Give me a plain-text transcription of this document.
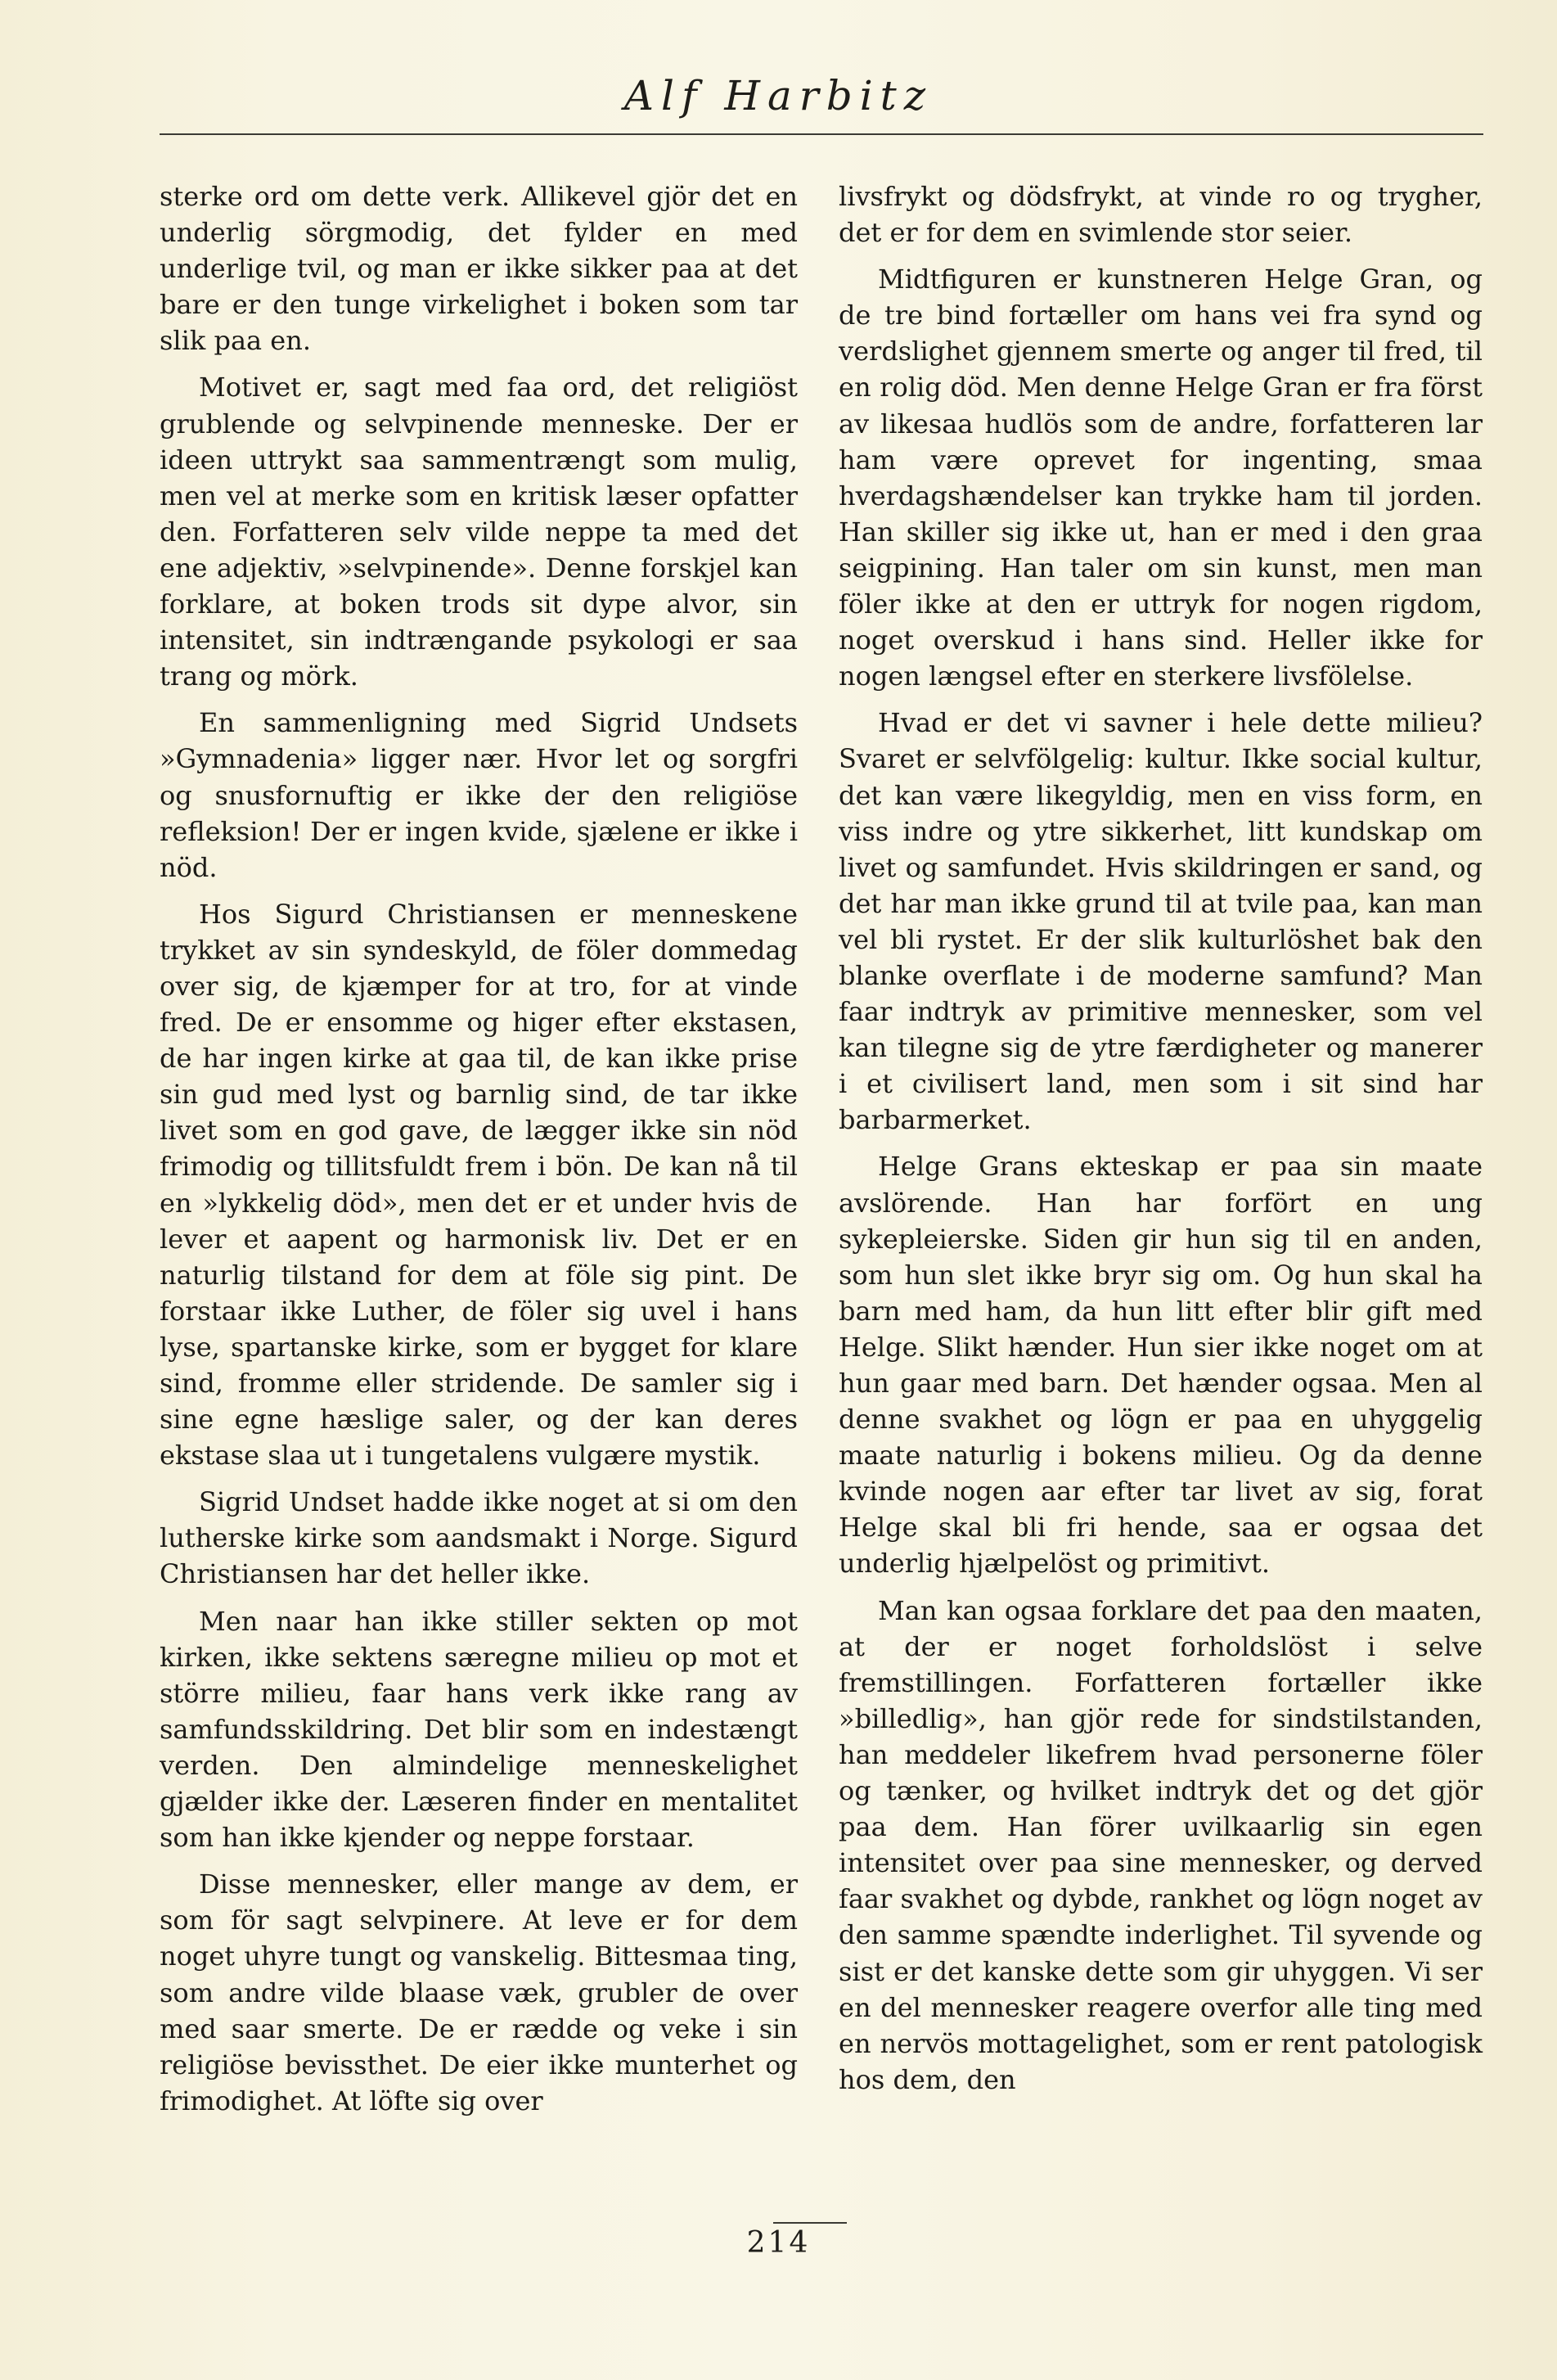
Alf Harbitz

sterke ord om dette verk. Allikevel gjör det en underlig sörgmodig, det fylder en med underlige tvil, og man er ikke sikker paa at det bare er den tunge virkelighet i boken som tar slik paa en.

Motivet er, sagt med faa ord, det religiöst grublende og selvpinende menneske. Der er ideen uttrykt saa sammentrængt som mulig, men vel at merke som en kritisk læser opfatter den. Forfatteren selv vilde neppe ta med det ene adjektiv, »selvpinende». Denne forskjel kan forklare, at boken trods sit dype alvor, sin intensitet, sin indtrængande psykologi er saa trang og mörk.

En sammenligning med Sigrid Undsets »Gymnadenia» ligger nær. Hvor let og sorgfri og snusfornuftig er ikke der den religiöse refleksion! Der er ingen kvide, sjælene er ikke i nöd.

Hos Sigurd Christiansen er menneskene trykket av sin syndeskyld, de föler dommedag over sig, de kjæmper for at tro, for at vinde fred. De er ensomme og higer efter ekstasen, de har ingen kirke at gaa til, de kan ikke prise sin gud med lyst og barnlig sind, de tar ikke livet som en god gave, de lægger ikke sin nöd frimodig og tillitsfuldt frem i bön. De kan nå til en »lykkelig död», men det er et under hvis de lever et aapent og harmonisk liv. Det er en naturlig tilstand for dem at föle sig pint. De forstaar ikke Luther, de föler sig uvel i hans lyse, spartanske kirke, som er bygget for klare sind, fromme eller stridende. De samler sig i sine egne hæslige saler, og der kan deres ekstase slaa ut i tungetalens vulgære mystik.

Sigrid Undset hadde ikke noget at si om den lutherske kirke som aandsmakt i Norge. Sigurd Christiansen har det heller ikke.

Men naar han ikke stiller sekten op mot kirken, ikke sektens særegne milieu op mot et större milieu, faar hans verk ikke rang av samfundsskildring. Det blir som en indestængt verden. Den almindelige menneskelighet gjælder ikke der. Læseren finder en mentalitet som han ikke kjender og neppe forstaar.

Disse mennesker, eller mange av dem, er som för sagt selvpinere. At leve er for dem noget uhyre tungt og vanskelig. Bittesmaa ting, som andre vilde blaase væk, grubler de over med saar smerte. De er rædde og veke i sin religiöse bevissthet. De eier ikke munterhet og frimodighet. At löfte sig over

livsfrykt og dödsfrykt, at vinde ro og trygher, det er for dem en svimlende stor seier.

Midtfiguren er kunstneren Helge Gran, og de tre bind fortæller om hans vei fra synd og verdslighet gjennem smerte og anger til fred, til en rolig död. Men denne Helge Gran er fra först av likesaa hudlös som de andre, forfatteren lar ham være oprevet for ingenting, smaa hverdagshændelser kan trykke ham til jorden. Han skiller sig ikke ut, han er med i den graa seigpining. Han taler om sin kunst, men man föler ikke at den er uttryk for nogen rigdom, noget overskud i hans sind. Heller ikke for nogen længsel efter en sterkere livsfölelse.

Hvad er det vi savner i hele dette milieu? Svaret er selvfölgelig: kultur. Ikke social kultur, det kan være likegyldig, men en viss form, en viss indre og ytre sikkerhet, litt kundskap om livet og samfundet. Hvis skildringen er sand, og det har man ikke grund til at tvile paa, kan man vel bli rystet. Er der slik kulturlöshet bak den blanke overflate i de moderne samfund? Man faar indtryk av primitive mennesker, som vel kan tilegne sig de ytre færdigheter og manerer i et civilisert land, men som i sit sind har barbarmerket.

Helge Grans ekteskap er paa sin maate avslörende. Han har forfört en ung sykepleierske. Siden gir hun sig til en anden, som hun slet ikke bryr sig om. Og hun skal ha barn med ham, da hun litt efter blir gift med Helge. Slikt hænder. Hun sier ikke noget om at hun gaar med barn. Det hænder ogsaa. Men al denne svakhet og lögn er paa en uhyggelig maate naturlig i bokens milieu. Og da denne kvinde nogen aar efter tar livet av sig, forat Helge skal bli fri hende, saa er ogsaa det underlig hjælpelöst og primitivt.

Man kan ogsaa forklare det paa den maaten, at der er noget forholdslöst i selve fremstillingen. Forfatteren fortæller ikke »billedlig», han gjör rede for sindstilstanden, han meddeler likefrem hvad personerne föler og tænker, og hvilket indtryk det og det gjör paa dem. Han förer uvilkaarlig sin egen intensitet over paa sine mennesker, og derved faar svakhet og dybde, rankhet og lögn noget av den samme spændte inderlighet. Til syvende og sist er det kanske dette som gir uhyggen. Vi ser en del mennesker reagere overfor alle ting med en nervös mottagelighet, som er rent patologisk hos dem, den

214
